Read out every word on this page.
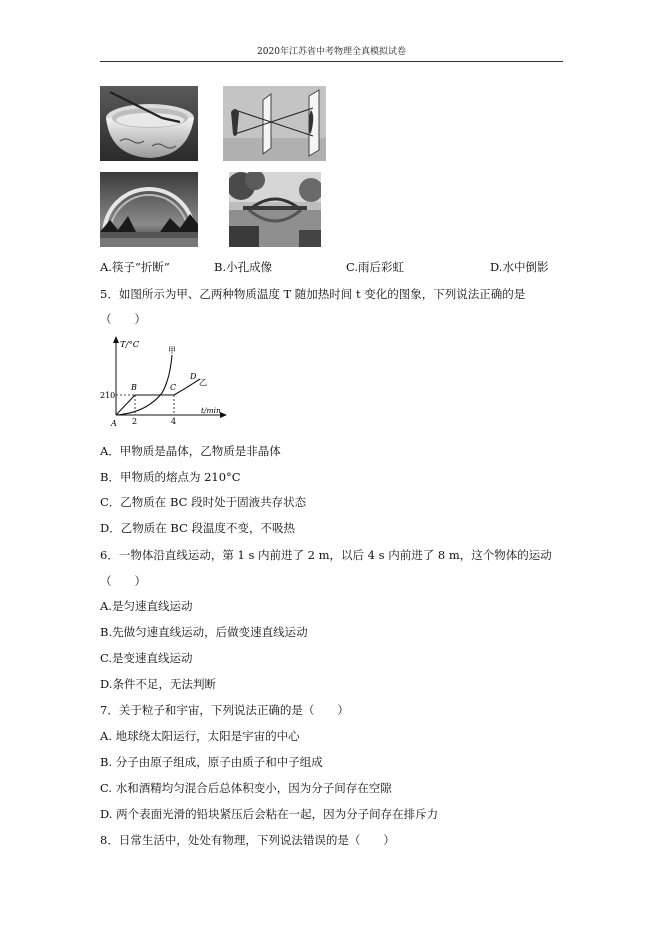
2020年江苏省中考物理全真模拟试卷
A.筷子“折断”	B.小孔成像	C.雨后彩虹	D.水中倒影
5．如图所示为甲、乙两种物质温度 T 随加热时间 t 变化的图象，下列说法正确的是
（　　）
T/°C
t/min
210
2	4
A
B	C
D
甲
乙
A．甲物质是晶体，乙物质是非晶体
B．甲物质的熔点为 210°C
C．乙物质在 BC 段时处于固液共存状态
D．乙物质在 BC 段温度不变，不吸热
6．一物体沿直线运动，第 1 s 内前进了 2 m，以后 4 s 内前进了 8 m，这个物体的运动
（　　）
A.是匀速直线运动
B.先做匀速直线运动，后做变速直线运动
C.是变速直线运动
D.条件不足，无法判断
7．关于粒子和宇宙，下列说法正确的是（　　）
A. 地球绕太阳运行，太阳是宇宙的中心
B. 分子由原子组成，原子由质子和中子组成
C. 水和酒精均匀混合后总体积变小，因为分子间存在空隙
D. 两个表面光滑的铅块紧压后会粘在一起，因为分子间存在排斥力
8．日常生活中，处处有物理，下列说法错误的是（　　）
